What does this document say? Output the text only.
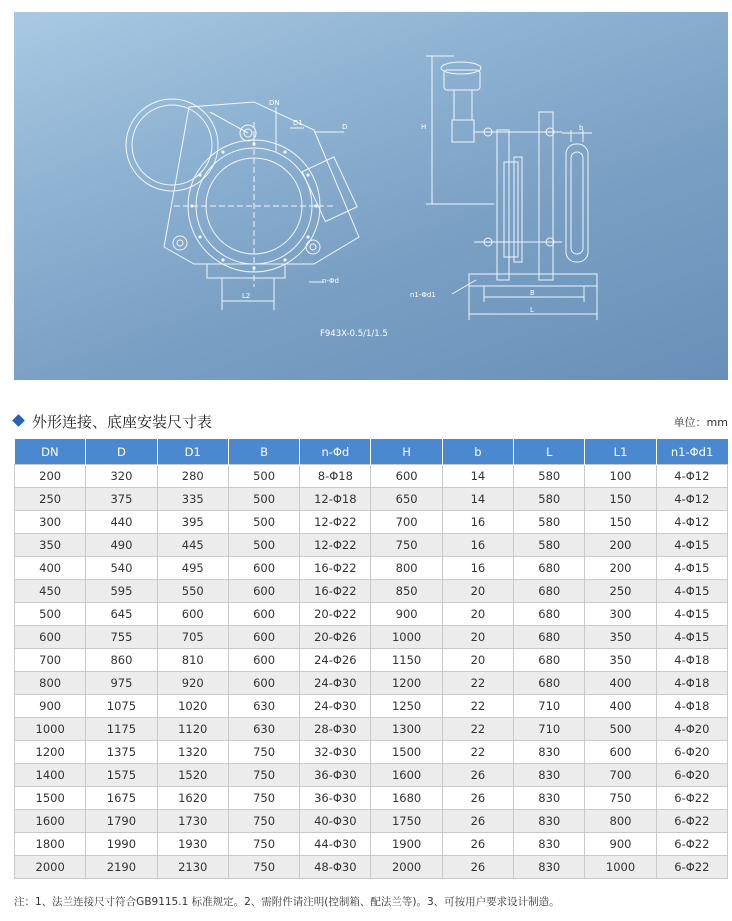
DN
D1	D
n-Φd
L2
H	b
n1-Φd1	B
L
F943X-0.5/1/1.5
外形连接、底座安装尺寸表	单位：mm
DN	D	D1	B	n-Φd	H	b	L	L1	n1-Φd1
200	320	280	500	8-Φ18	600	14	580	100	4-Φ12
250	375	335	500	12-Φ18	650	14	580	150	4-Φ12
300	440	395	500	12-Φ22	700	16	580	150	4-Φ12
350	490	445	500	12-Φ22	750	16	580	200	4-Φ15
400	540	495	600	16-Φ22	800	16	680	200	4-Φ15
450	595	550	600	16-Φ22	850	20	680	250	4-Φ15
500	645	600	600	20-Φ22	900	20	680	300	4-Φ15
600	755	705	600	20-Φ26	1000	20	680	350	4-Φ15
700	860	810	600	24-Φ26	1150	20	680	350	4-Φ18
800	975	920	600	24-Φ30	1200	22	680	400	4-Φ18
900	1075	1020	630	24-Φ30	1250	22	710	400	4-Φ18
1000	1175	1120	630	28-Φ30	1300	22	710	500	4-Φ20
1200	1375	1320	750	32-Φ30	1500	22	830	600	6-Φ20
1400	1575	1520	750	36-Φ30	1600	26	830	700	6-Φ20
1500	1675	1620	750	36-Φ30	1680	26	830	750	6-Φ22
1600	1790	1730	750	40-Φ30	1750	26	830	800	6-Φ22
1800	1990	1930	750	44-Φ30	1900	26	830	900	6-Φ22
2000	2190	2130	750	48-Φ30	2000	26	830	1000	6-Φ22
注：1、法兰连接尺寸符合GB9115.1 标准规定。2、需附件请注明(控制箱、配法兰等)。3、可按用户要求设计制造。
